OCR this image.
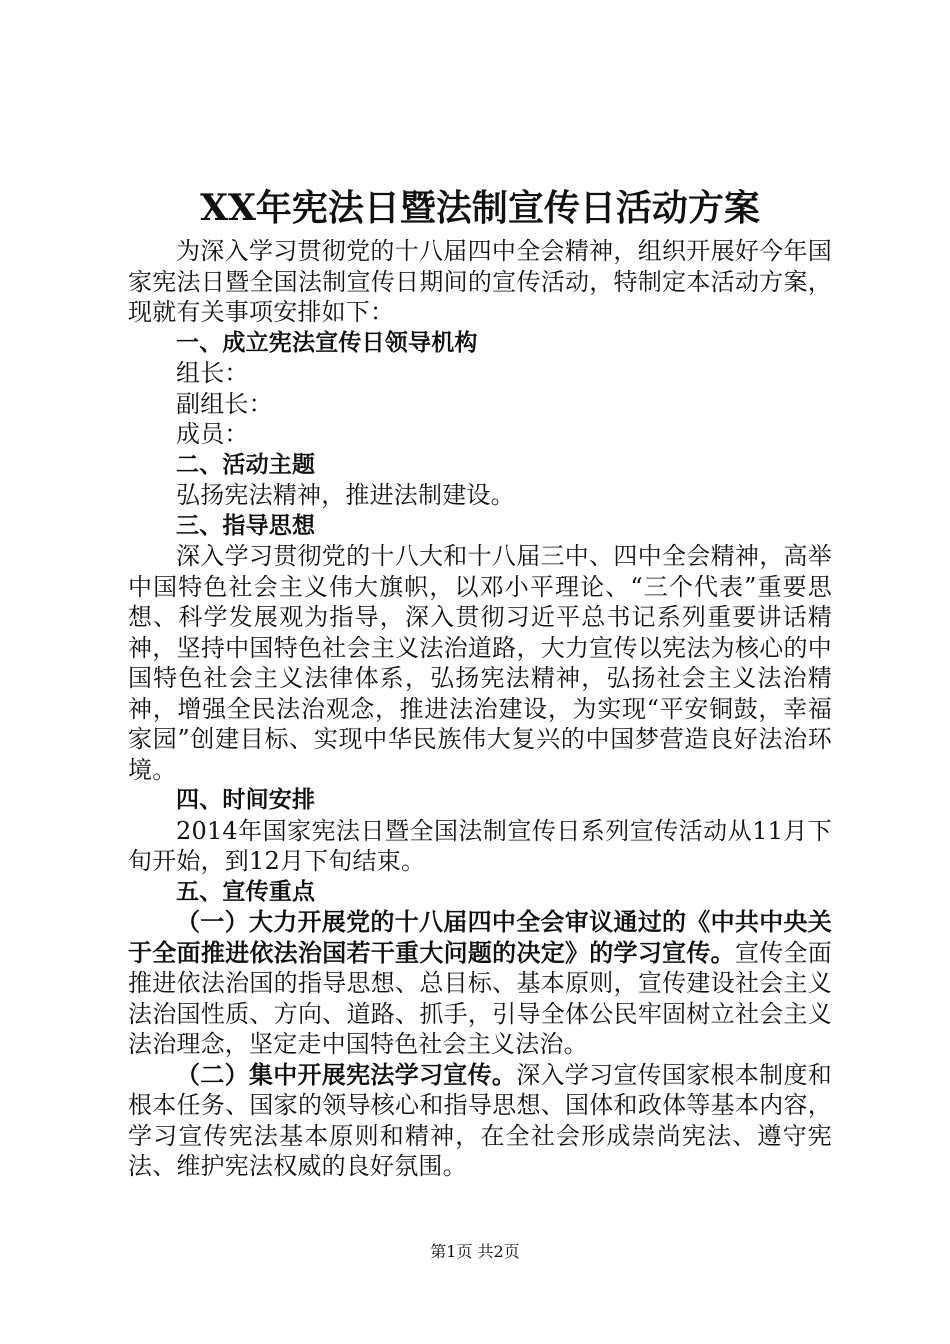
XX年宪法日暨法制宣传日活动方案

为深入学习贯彻党的十八届四中全会精神，组织开展好今年国家宪法日暨全国法制宣传日期间的宣传活动，特制定本活动方案，现就有关事项安排如下：

一、成立宪法宣传日领导机构

组长：

副组长：

成员：

二、活动主题

弘扬宪法精神，推进法制建设。

三、指导思想

深入学习贯彻党的十八大和十八届三中、四中全会精神，高举中国特色社会主义伟大旗帜，以邓小平理论、“三个代表”重要思想、科学发展观为指导，深入贯彻习近平总书记系列重要讲话精神，坚持中国特色社会主义法治道路，大力宣传以宪法为核心的中国特色社会主义法律体系，弘扬宪法精神，弘扬社会主义法治精神，增强全民法治观念，推进法治建设，为实现“平安铜鼓，幸福家园”创建目标、实现中华民族伟大复兴的中国梦营造良好法治环境。

四、时间安排

2014年国家宪法日暨全国法制宣传日系列宣传活动从11月下旬开始，到12月下旬结束。

五、宣传重点

（一）大力开展党的十八届四中全会审议通过的《中共中央关于全面推进依法治国若干重大问题的决定》的学习宣传。宣传全面推进依法治国的指导思想、总目标、基本原则，宣传建设社会主义法治国性质、方向、道路、抓手，引导全体公民牢固树立社会主义法治理念，坚定走中国特色社会主义法治。

（二）集中开展宪法学习宣传。深入学习宣传国家根本制度和根本任务、国家的领导核心和指导思想、国体和政体等基本内容，学习宣传宪法基本原则和精神，在全社会形成崇尚宪法、遵守宪法、维护宪法权威的良好氛围。

第1页 共2页
